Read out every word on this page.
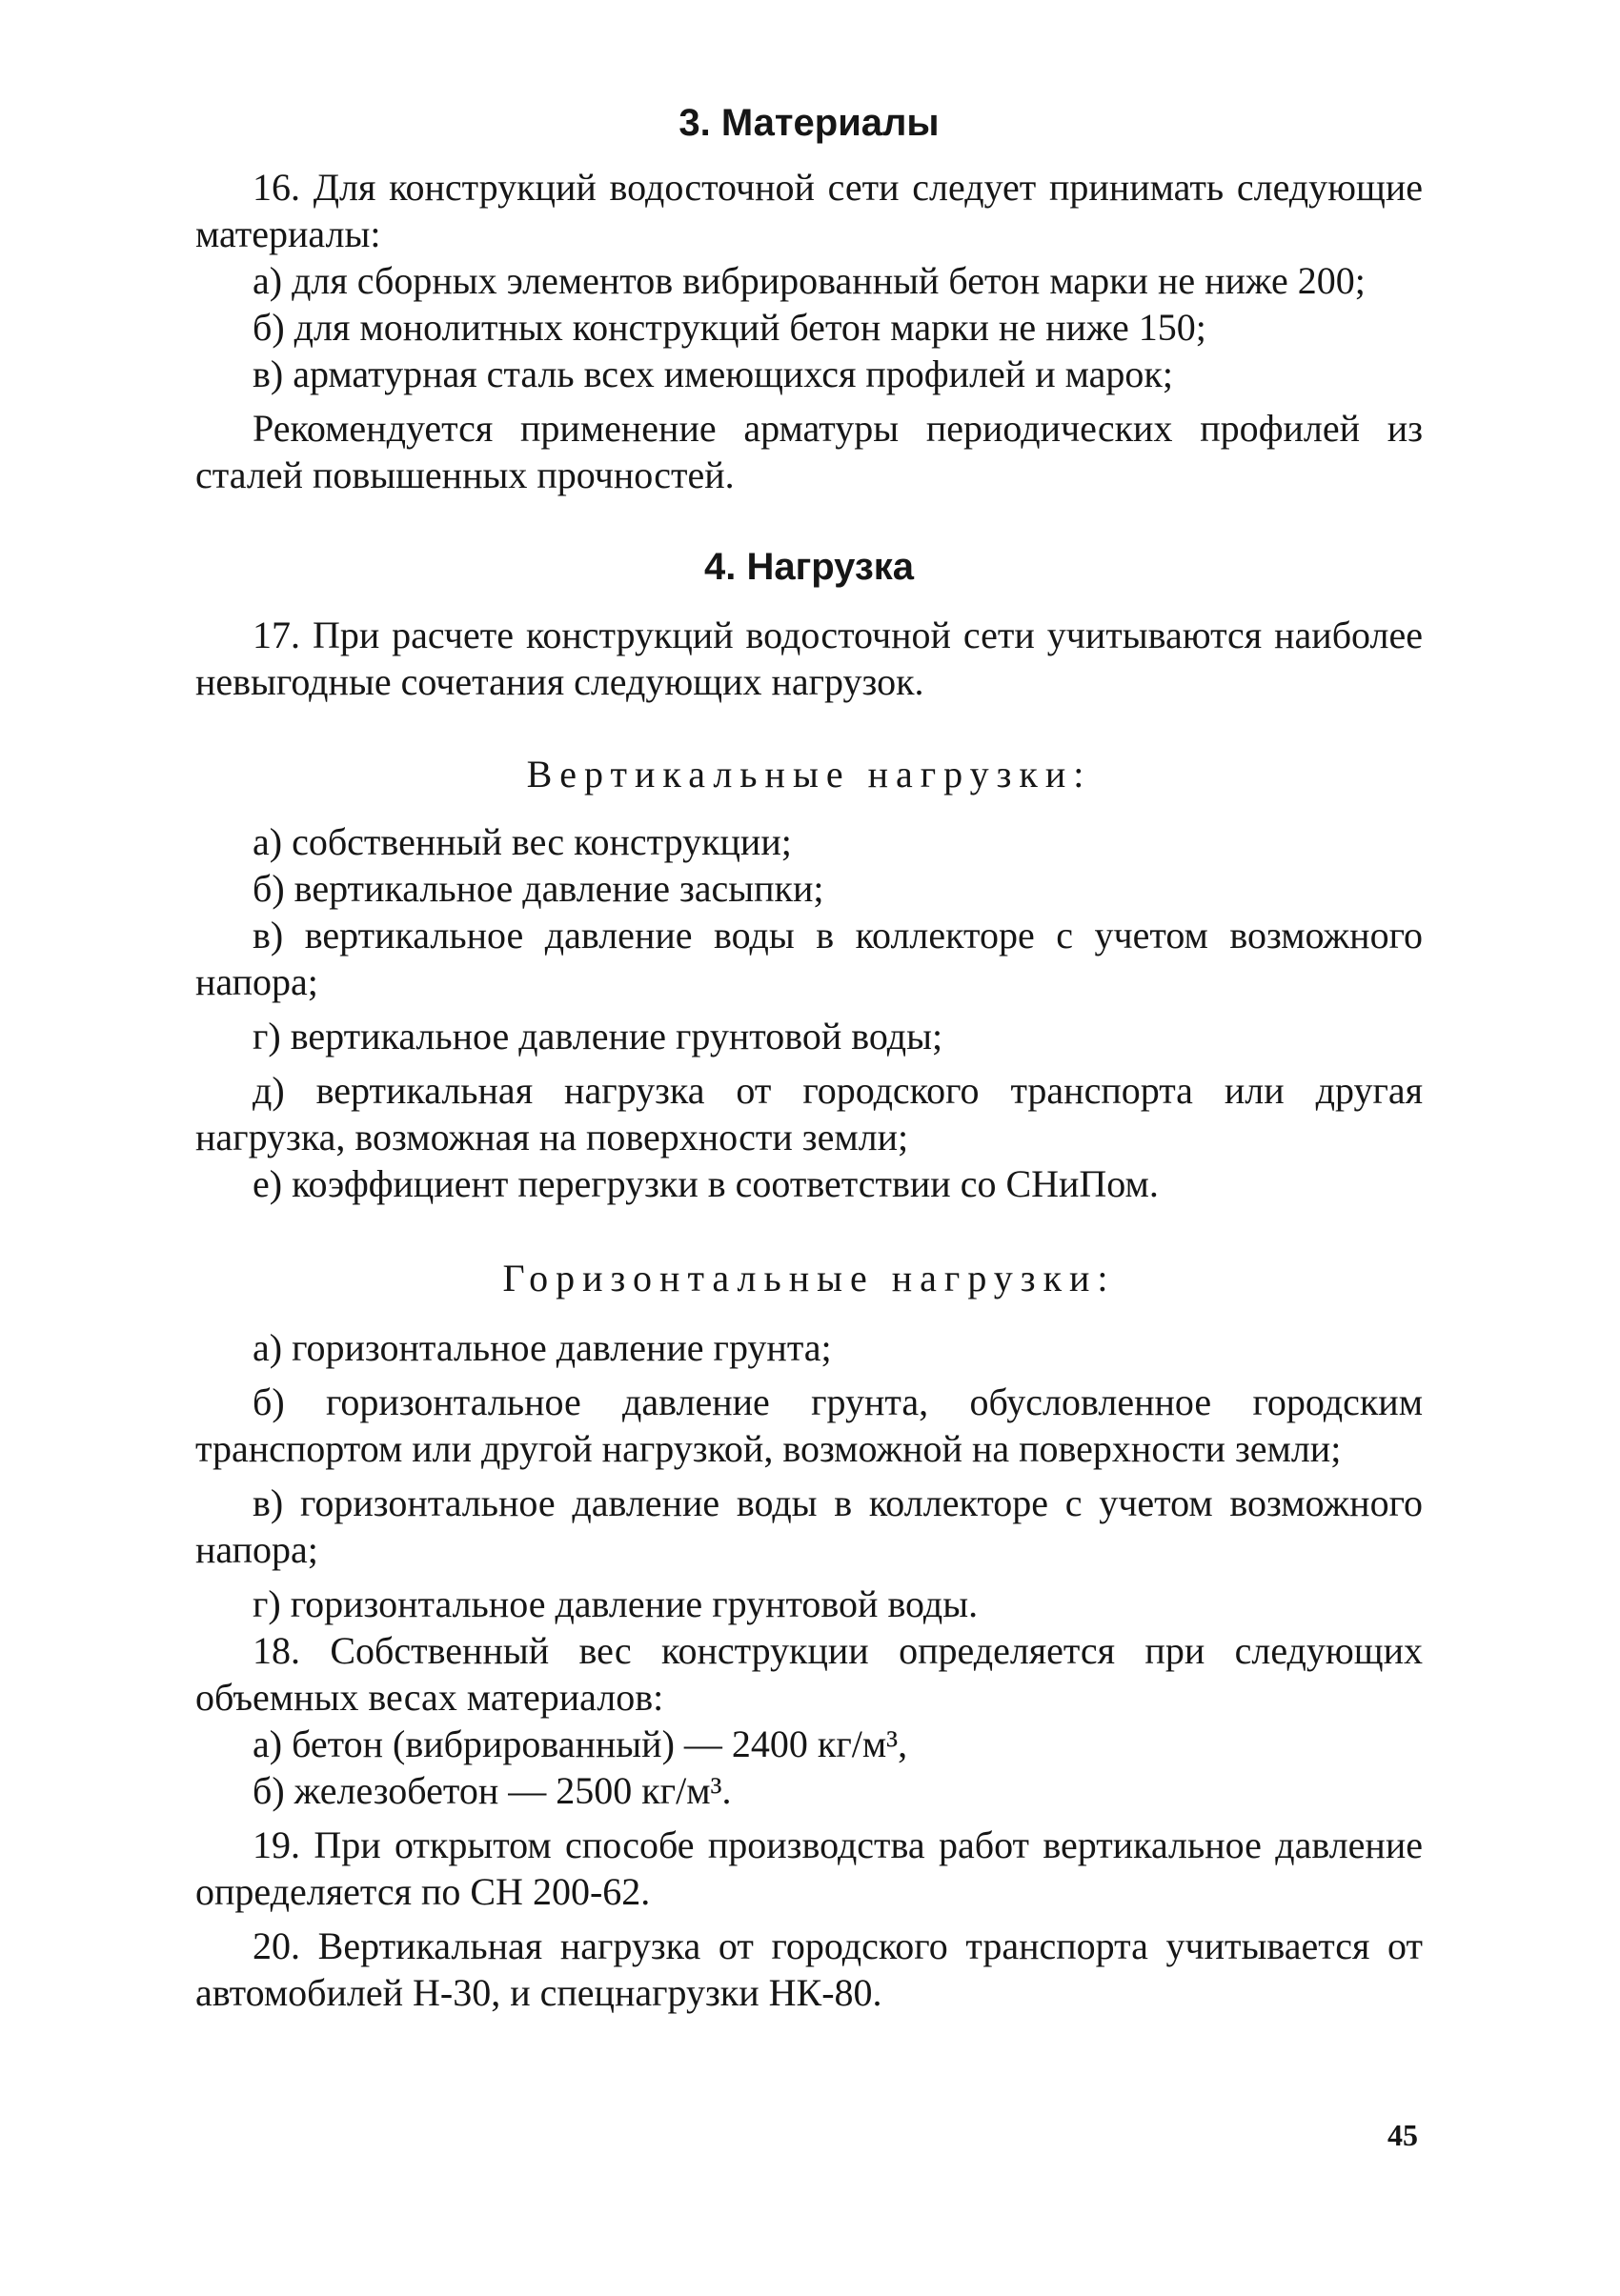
3. Материалы

16. Для конструкций водосточной сети следует принимать следующие материалы:

а) для сборных элементов вибрированный бетон марки не ниже 200;

б) для монолитных конструкций бетон марки не ниже 150;

в) арматурная сталь всех имеющихся профилей и марок;

Рекомендуется применение арматуры периодических профилей из сталей повышенных прочностей.

4. Нагрузка

17. При расчете конструкций водосточной сети учитываются наиболее невыгодные сочетания следующих нагрузок.

Вертикальные нагрузки:

а) собственный вес конструкции;

б) вертикальное давление засыпки;

в) вертикальное давление воды в коллекторе с учетом возможного напора;

г) вертикальное давление грунтовой воды;

д) вертикальная нагрузка от городского транспорта или другая нагрузка, возможная на поверхности земли;

е) коэффициент перегрузки в соответствии со СНиПом.

Горизонтальные нагрузки:

а) горизонтальное давление грунта;

б) горизонтальное давление грунта, обусловленное городским транспортом или другой нагрузкой, возможной на поверхности земли;

в) горизонтальное давление воды в коллекторе с учетом возможного напора;

г) горизонтальное давление грунтовой воды.

18. Собственный вес конструкции определяется при следующих объемных весах материалов:

а) бетон (вибрированный) — 2400 кг/м³,

б) железобетон — 2500 кг/м³.

19. При открытом способе производства работ вертикальное давление определяется по СН 200-62.

20. Вертикальная нагрузка от городского транспорта учитывается от автомобилей Н-30, и спецнагрузки НК-80.

45
